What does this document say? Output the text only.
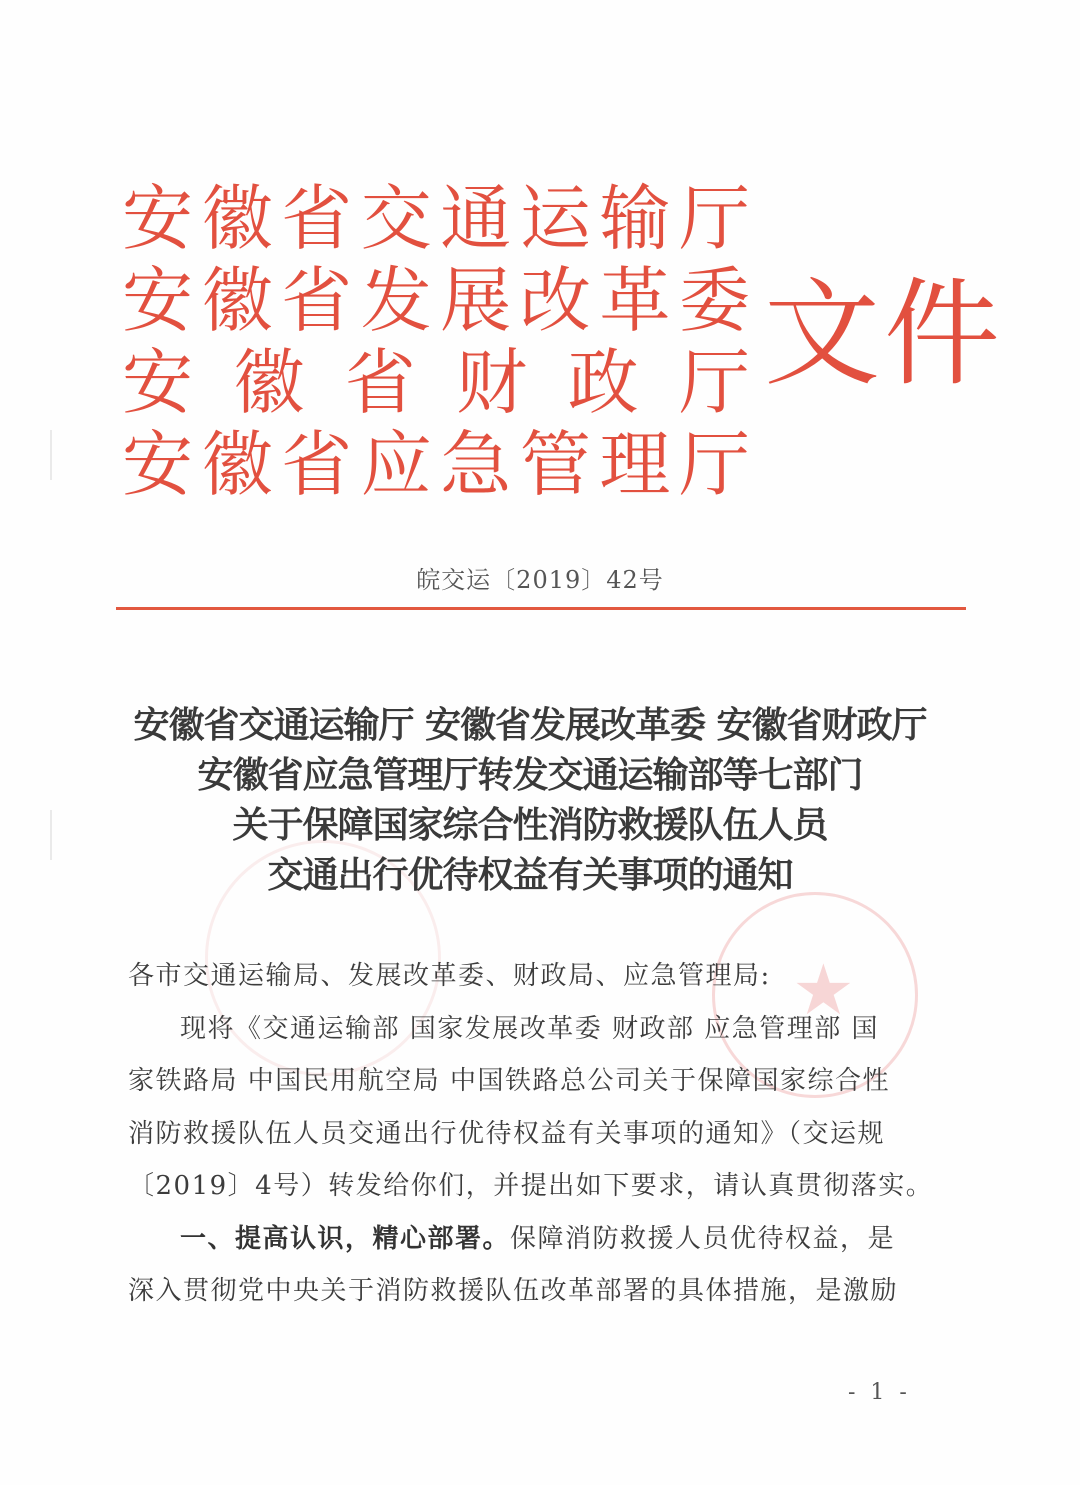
安 徽 省 交 通 运 输 厅
安 徽 省 发 展 改 革 委
安 徽 省 财 政 厅
安 徽 省 应 急 管 理 厅
文件
皖交运〔2019〕42号
★
安徽省交通运输厅 安徽省发展改革委 安徽省财政厅
安徽省应急管理厅转发交通运输部等七部门
关于保障国家综合性消防救援队伍人员
交通出行优待权益有关事项的通知
各市交通运输局、发展改革委、财政局、应急管理局:
现将《交通运输部 国家发展改革委 财政部 应急管理部 国
家铁路局 中国民用航空局 中国铁路总公司关于保障国家综合性
消防救援队伍人员交通出行优待权益有关事项的通知》（交运规
〔2019〕4号）转发给你们，并提出如下要求，请认真贯彻落实。
一、提高认识，精心部署。保障消防救援人员优待权益，是
深入贯彻党中央关于消防救援队伍改革部署的具体措施，是激励
- 1 -
